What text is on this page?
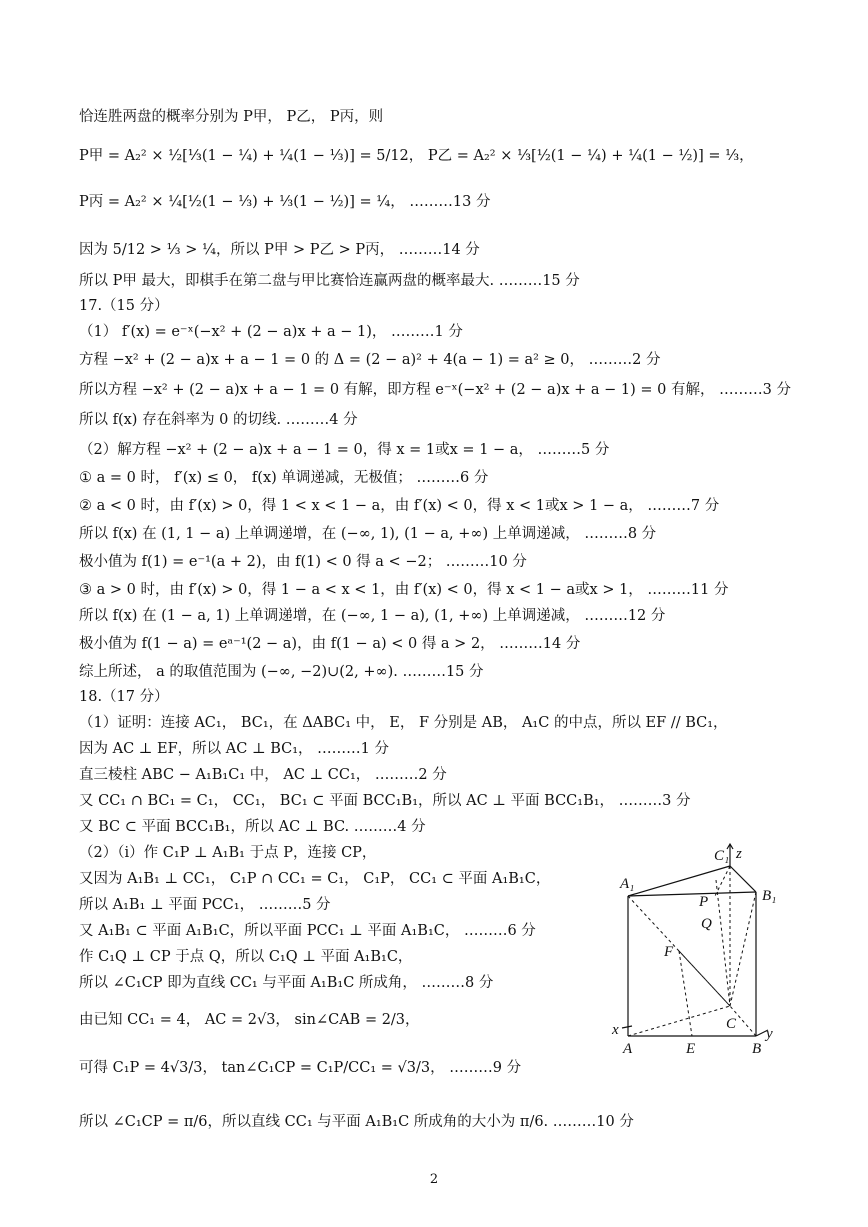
恰连胜两盘的概率分别为 P甲， P乙， P丙，则
P甲 = A₂² × ½[⅓(1 − ¼) + ¼(1 − ⅓)] = 5/12， P乙 = A₂² × ⅓[½(1 − ¼) + ¼(1 − ½)] = ⅓，
P丙 = A₂² × ¼[½(1 − ⅓) + ⅓(1 − ½)] = ¼， ………13 分
因为 5/12 > ⅓ > ¼，所以 P甲 > P乙 > P丙， ………14 分
所以 P甲 最大，即棋手在第二盘与甲比赛恰连赢两盘的概率最大. ………15 分
17.（15 分）
（1） f′(x) = e⁻ˣ(−x² + (2 − a)x + a − 1)， ………1 分
方程 −x² + (2 − a)x + a − 1 = 0 的 Δ = (2 − a)² + 4(a − 1) = a² ≥ 0， ………2 分
所以方程 −x² + (2 − a)x + a − 1 = 0 有解，即方程 e⁻ˣ(−x² + (2 − a)x + a − 1) = 0 有解， ………3 分
所以 f(x) 存在斜率为 0 的切线. ………4 分
（2）解方程 −x² + (2 − a)x + a − 1 = 0，得 x = 1或x = 1 − a， ………5 分
① a = 0 时， f′(x) ≤ 0， f(x) 单调递减，无极值； ………6 分
② a < 0 时，由 f′(x) > 0，得 1 < x < 1 − a，由 f′(x) < 0，得 x < 1或x > 1 − a， ………7 分
所以 f(x) 在 (1, 1 − a) 上单调递增，在 (−∞, 1), (1 − a, +∞) 上单调递减， ………8 分
极小值为 f(1) = e⁻¹(a + 2)，由 f(1) < 0 得 a < −2； ………10 分
③ a > 0 时，由 f′(x) > 0，得 1 − a < x < 1，由 f′(x) < 0，得 x < 1 − a或x > 1， ………11 分
所以 f(x) 在 (1 − a, 1) 上单调递增，在 (−∞, 1 − a), (1, +∞) 上单调递减， ………12 分
极小值为 f(1 − a) = eᵃ⁻¹(2 − a)，由 f(1 − a) < 0 得 a > 2， ………14 分
综上所述， a 的取值范围为 (−∞, −2)∪(2, +∞). ………15 分
18.（17 分）
（1）证明：连接 AC₁， BC₁，在 ΔABC₁ 中， E， F 分别是 AB， A₁C 的中点，所以 EF // BC₁，
因为 AC ⊥ EF，所以 AC ⊥ BC₁， ………1 分
直三棱柱 ABC − A₁B₁C₁ 中， AC ⊥ CC₁， ………2 分
又 CC₁ ∩ BC₁ = C₁， CC₁， BC₁ ⊂ 平面 BCC₁B₁，所以 AC ⊥ 平面 BCC₁B₁， ………3 分
又 BC ⊂ 平面 BCC₁B₁，所以 AC ⊥ BC. ………4 分
（2）（i）作 C₁P ⊥ A₁B₁ 于点 P，连接 CP，
又因为 A₁B₁ ⊥ CC₁， C₁P ∩ CC₁ = C₁， C₁P， CC₁ ⊂ 平面 A₁B₁C，
所以 A₁B₁ ⊥ 平面 PCC₁， ………5 分
又 A₁B₁ ⊂ 平面 A₁B₁C，所以平面 PCC₁ ⊥ 平面 A₁B₁C， ………6 分
作 C₁Q ⊥ CP 于点 Q，所以 C₁Q ⊥ 平面 A₁B₁C，
所以 ∠C₁CP 即为直线 CC₁ 与平面 A₁B₁C 所成角， ………8 分
由已知 CC₁ = 4， AC = 2√3， sin∠CAB = 2/3，
可得 C₁P = 4√3/3， tan∠C₁CP = C₁P/CC₁ = √3/3， ………9 分
所以 ∠C₁CP = π/6，所以直线 CC₁ 与平面 A₁B₁C 所成角的大小为 π/6. ………10 分
C₁ z
A₁
B₁
P
Q
F
C
x
A	E	B
y
2
